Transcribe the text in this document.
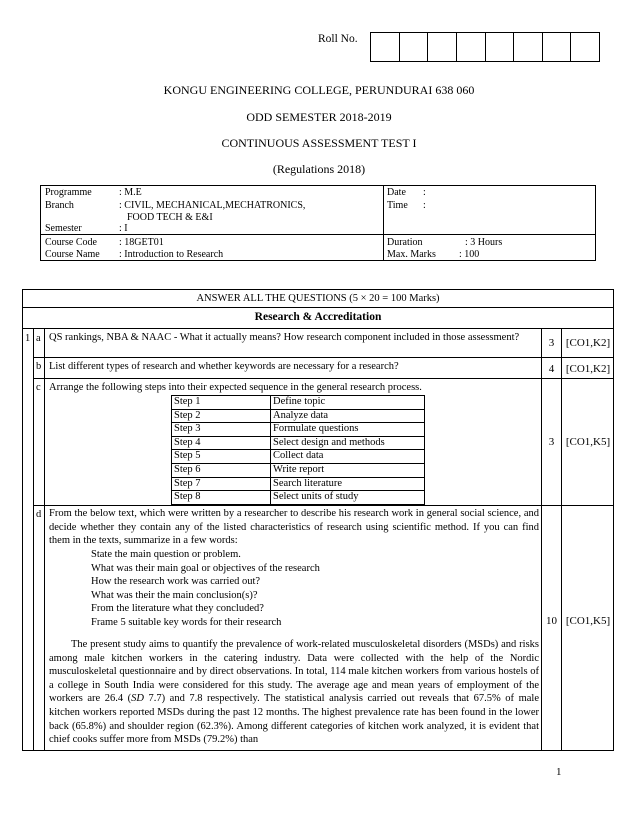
Roll No.
KONGU ENGINEERING COLLEGE, PERUNDURAI 638 060
ODD SEMESTER 2018-2019
CONTINUOUS ASSESSMENT TEST I
(Regulations 2018)
Programme	: M.E
Branch	: CIVIL, MECHANICAL,MECHATRONICS,
FOOD TECH & E&I
Semester	: I
Course Code : 18GET01
Course Name : Introduction to Research
Date :
Time :
Duration	: 3 Hours
Max. Marks : 100
ANSWER ALL THE QUESTIONS (5 × 20 = 100 Marks)
Research & Accreditation
1 a QS rankings, NBA & NAAC - What it actually means? How research component included in those assessment?	3	[CO1,K2]
b List different types of research and whether keywords are necessary for a research?	4	[CO1,K2]
c Arrange the following steps into their expected sequence in the general research process.
Step 1	Define topic
Step 2	Analyze data
Step 3	Formulate questions
Step 4	Select design and methods
Step 5	Collect data
Step 6	Write report
Step 7	Search literature
Step 8	Select units of study
3	[CO1,K5]
d From the below text, which were written by a researcher to describe his research work in general social science, and decide whether they contain any of the listed characteristics of research using scientific method. If you can find them in the texts, summarize in a few words:
State the main question or problem.
What was their main goal or objectives of the research
How the research work was carried out?
What was their the main conclusion(s)?
From the literature what they concluded?
Frame 5 suitable key words for their research
The present study aims to quantify the prevalence of work-related musculoskeletal disorders (MSDs) and risks among male kitchen workers in the catering industry. Data were collected with the help of the Nordic musculoskeletal questionnaire and by direct observations. In total, 114 male kitchen workers from various hostels of a college in South India were considered for this study. The average age and mean years of employment of the workers are 26.4 (SD 7.7) and 7.8 respectively. The statistical analysis carried out reveals that 67.5% of male kitchen workers reported MSDs during the past 12 months. The highest prevalence rate has been found in the lower back (65.8%) and shoulder region (62.3%). Among different categories of kitchen work analyzed, it is evident that chief cooks suffer more from MSDs (79.2%) than
10 [CO1,K5]
1
